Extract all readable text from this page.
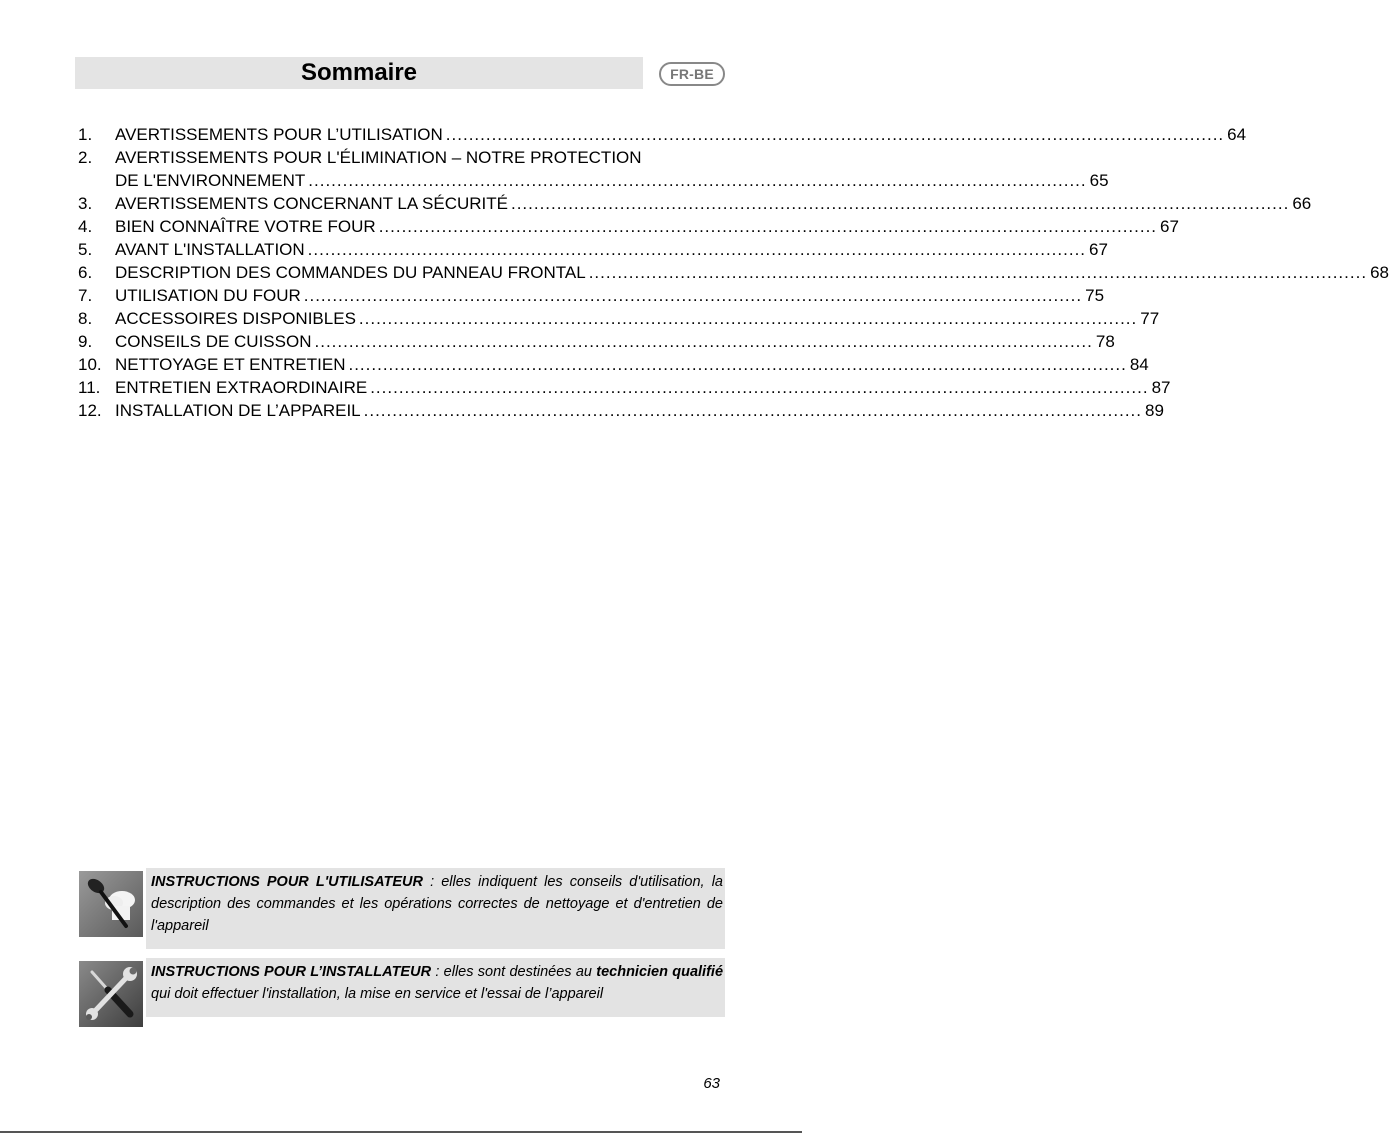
Sommaire	FR-BE
1.	AVERTISSEMENTS POUR L’UTILISATION ........................................................................................................................................ 64
2.	AVERTISSEMENTS POUR L'ÉLIMINATION – NOTRE PROTECTION
DE L'ENVIRONNEMENT ........................................................................................................................................ 65
3.	AVERTISSEMENTS CONCERNANT LA SÉCURITÉ ........................................................................................................................................ 66
4.	BIEN CONNAÎTRE VOTRE FOUR ........................................................................................................................................ 67
5.	AVANT L'INSTALLATION ........................................................................................................................................ 67
6.	DESCRIPTION DES COMMANDES DU PANNEAU FRONTAL ........................................................................................................................................ 68
7.	UTILISATION DU FOUR ........................................................................................................................................ 75
8.	ACCESSOIRES DISPONIBLES ........................................................................................................................................ 77
9.	CONSEILS DE CUISSON ........................................................................................................................................ 78
10. NETTOYAGE ET ENTRETIEN ........................................................................................................................................ 84
11. ENTRETIEN EXTRAORDINAIRE ........................................................................................................................................ 87
12. INSTALLATION DE L’APPAREIL ........................................................................................................................................ 89
INSTRUCTIONS POUR L'UTILISATEUR : elles indiquent les conseils d'utilisation, la description des commandes et les opérations correctes de nettoyage et d'entretien de l'appareil
INSTRUCTIONS POUR L’INSTALLATEUR : elles sont destinées au technicien qualifié qui doit effectuer l'installation, la mise en service et l'essai de l’appareil
63
